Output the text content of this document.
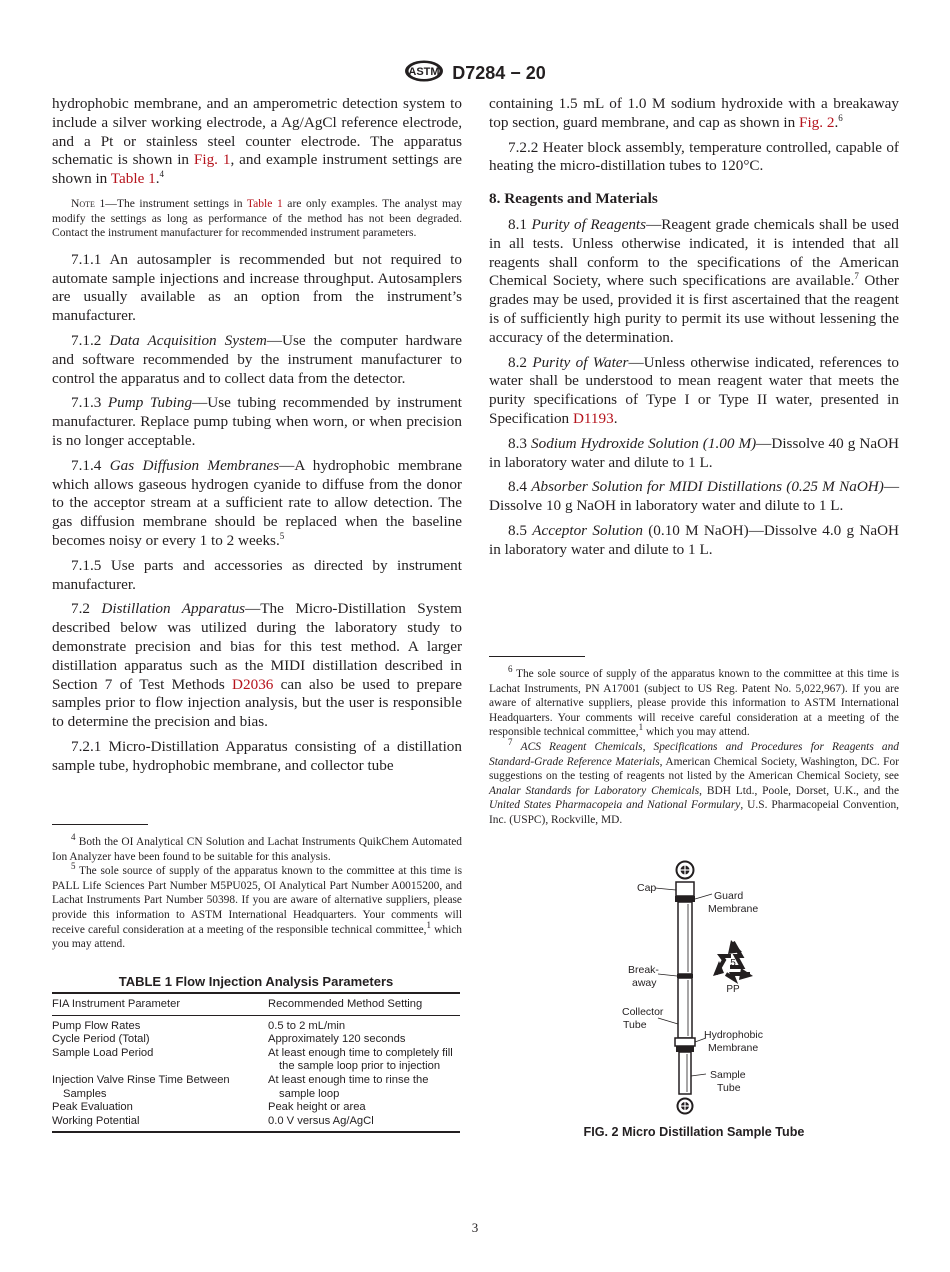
ASTM D7284 − 20

hydrophobic membrane, and an amperometric detection system to include a silver working electrode, a Ag/AgCl reference electrode, and a Pt or stainless steel counter electrode. The apparatus schematic is shown in Fig. 1, and example instrument settings are shown in Table 1.$^4$

Note 1—The instrument settings in Table 1 are only examples. The analyst may modify the settings as long as performance of the method has not been degraded. Contact the instrument manufacturer for recommended instrument parameters.

7.1.1 An autosampler is recommended but not required to automate sample injections and increase throughput. Autosamplers are usually available as an option from the instrument’s manufacturer.

7.1.2 Data Acquisition System—Use the computer hardware and software recommended by the instrument manufacturer to control the apparatus and to collect data from the detector.

7.1.3 Pump Tubing—Use tubing recommended by instrument manufacturer. Replace pump tubing when worn, or when precision is no longer acceptable.

7.1.4 Gas Diffusion Membranes—A hydrophobic membrane which allows gaseous hydrogen cyanide to diffuse from the donor to the acceptor stream at a sufficient rate to allow detection. The gas diffusion membrane should be replaced when the baseline becomes noisy or every 1 to 2 weeks.$^5$

7.1.5 Use parts and accessories as directed by instrument manufacturer.

7.2 Distillation Apparatus—The Micro-Distillation System described below was utilized during the laboratory study to demonstrate precision and bias for this test method. A larger distillation apparatus such as the MIDI distillation described in Section 7 of Test Methods D2036 can also be used to prepare samples prior to flow injection analysis, but the user is responsible to determine the precision and bias.

7.2.1 Micro-Distillation Apparatus consisting of a distillation sample tube, hydrophobic membrane, and collector tube

$^4$ Both the OI Analytical CN Solution and Lachat Instruments QuikChem Automated Ion Analyzer have been found to be suitable for this analysis.

$^5$ The sole source of supply of the apparatus known to the committee at this time is PALL Life Sciences Part Number M5PU025, OI Analytical Part Number A0015200, and Lachat Instruments Part Number 50398. If you are aware of alternative suppliers, please provide this information to ASTM International Headquarters. Your comments will receive careful consideration at a meeting of the responsible technical committee,$^1$ which you may attend.

TABLE 1 Flow Injection Analysis Parameters
FIA Instrument Parameter	Recommended Method Setting
Pump Flow Rates	0.5 to 2 mL/min
Cycle Period (Total)	Approximately 120 seconds
Sample Load Period	At least enough time to completely fill the sample loop prior to injection
Injection Valve Rinse Time Between Samples	At least enough time to rinse the sample loop
Peak Evaluation	Peak height or area
Working Potential	0.0 V versus Ag/AgCl

containing 1.5 mL of 1.0 M sodium hydroxide with a breakaway top section, guard membrane, and cap as shown in Fig. 2.$^6$

7.2.2 Heater block assembly, temperature controlled, capable of heating the micro-distillation tubes to 120°C.

8. Reagents and Materials

8.1 Purity of Reagents—Reagent grade chemicals shall be used in all tests. Unless otherwise indicated, it is intended that all reagents shall conform to the specifications of the American Chemical Society, where such specifications are available.$^7$ Other grades may be used, provided it is first ascertained that the reagent is of sufficiently high purity to permit its use without lessening the accuracy of the determination.

8.2 Purity of Water—Unless otherwise indicated, references to water shall be understood to mean reagent water that meets the purity specifications of Type I or Type II water, presented in Specification D1193.

8.3 Sodium Hydroxide Solution (1.00 M)—Dissolve 40 g NaOH in laboratory water and dilute to 1 L.

8.4 Absorber Solution for MIDI Distillations (0.25 M NaOH)—Dissolve 10 g NaOH in laboratory water and dilute to 1 L.

8.5 Acceptor Solution (0.10 M NaOH)—Dissolve 4.0 g NaOH in laboratory water and dilute to 1 L.

$^6$ The sole source of supply of the apparatus known to the committee at this time is Lachat Instruments, PN A17001 (subject to US Reg. Patent No. 5,022,967). If you are aware of alternative suppliers, please provide this information to ASTM International Headquarters. Your comments will receive careful consideration at a meeting of the responsible technical committee,$^1$ which you may attend.

$^7$ ACS Reagent Chemicals, Specifications and Procedures for Reagents and Standard-Grade Reference Materials, American Chemical Society, Washington, DC. For suggestions on the testing of reagents not listed by the American Chemical Society, see Analar Standards for Laboratory Chemicals, BDH Ltd., Poole, Dorset, U.K., and the United States Pharmacopeia and National Formulary, U.S. Pharmacopeial Convention, Inc. (USPC), Rockville, MD.

Cap
Guard
Membrane
Break-
away
Collector
Tube
Hydrophobic
Membrane
Sample
Tube
5
PP
FIG. 2 Micro Distillation Sample Tube
3
